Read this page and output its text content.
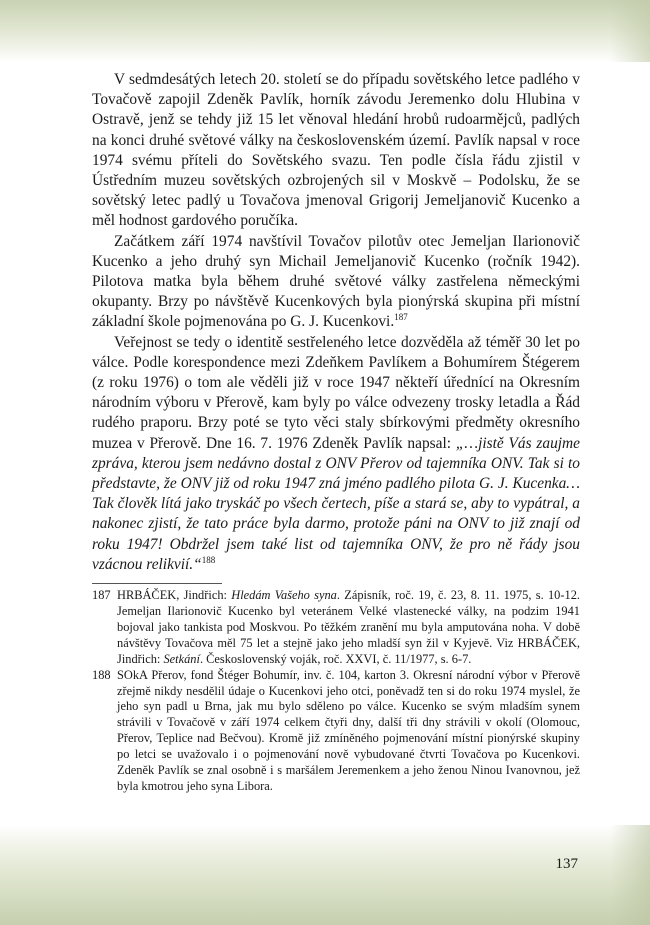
V sedmdesátých letech 20. století se do případu sovětského letce padlého v Tovačově zapojil Zdeněk Pavlík, horník závodu Jeremenko dolu Hlubina v Ostravě, jenž se tehdy již 15 let věnoval hledání hrobů rudoarmějců, padlých na konci druhé světové války na československém území. Pavlík napsal v roce 1974 svému příteli do Sovětského svazu. Ten podle čísla řádu zjistil v Ústředním muzeu sovětských ozbrojených sil v Moskvě – Podolsku, že se sovětský letec padlý u Tovačova jmenoval Grigorij Jemeljanovič Kucenko a měl hodnost gardového poručíka.

Začátkem září 1974 navštívil Tovačov pilotův otec Jemeljan Ilarionovič Kucenko a jeho druhý syn Michail Jemeljanovič Kucenko (ročník 1942). Pilotova matka byla během druhé světové války zastřelena německými okupanty. Brzy po návštěvě Kucenkových byla pionýrská skupina při místní základní škole pojmenována po G. J. Kucenkovi.$^{187}$

Veřejnost se tedy o identitě sestřeleného letce dozvěděla až téměř 30 let po válce. Podle korespondence mezi Zdeňkem Pavlíkem a Bohumírem Štégerem (z roku 1976) o tom ale věděli již v roce 1947 někteří úřednící na Okresním národním výboru v Přerově, kam byly po válce odvezeny trosky letadla a Řád rudého praporu. Brzy poté se tyto věci staly sbírkovými předměty okresního muzea v Přerově. Dne 16. 7. 1976 Zdeněk Pavlík napsal: „…jistě Vás zaujme zpráva, kterou jsem nedávno dostal z ONV Přerov od tajemníka ONV. Tak si to představte, že ONV již od roku 1947 zná jméno padlého pilota G. J. Kucenka…Tak člověk lítá jako tryskáč po všech čertech, píše a stará se, aby to vypátral, a nakonec zjistí, že tato práce byla darmo, protože páni na ONV to již znají od roku 1947! Obdržel jsem také list od tajemníka ONV, že pro ně řády jsou vzácnou relikvií.“$^{188}$

187 HRBÁČEK, Jindřich: Hledám Vašeho syna. Zápisník, roč. 19, č. 23, 8. 11. 1975, s. 10-12. Jemeljan Ilarionovič Kucenko byl veteránem Velké vlastenecké války, na podzim 1941 bojoval jako tankista pod Moskvou. Po těžkém zranění mu byla amputována noha. V době návštěvy Tovačova měl 75 let a stejně jako jeho mladší syn žil v Kyjevě. Viz HRBÁČEK, Jindřich: Setkání. Československý voják, roč. XXVI, č. 11/1977, s. 6-7.
188 SOkA Přerov, fond Štéger Bohumír, inv. č. 104, karton 3. Okresní národní výbor v Přerově zřejmě nikdy nesdělil údaje o Kucenkovi jeho otci, poněvadž ten si do roku 1974 myslel, že jeho syn padl u Brna, jak mu bylo sděleno po válce. Kucenko se svým mladším synem strávili v Tovačově v září 1974 celkem čtyři dny, další tři dny strávili v okolí (Olomouc, Přerov, Teplice nad Bečvou). Kromě již zmíněného pojmenování místní pionýrské skupiny po letci se uvažovalo i o pojmenování nově vybudované čtvrti Tovačova po Kucenkovi. Zdeněk Pavlík se znal osobně i s maršálem Jeremenkem a jeho ženou Ninou Ivanovnou, jež byla kmotrou jeho syna Libora.
137
